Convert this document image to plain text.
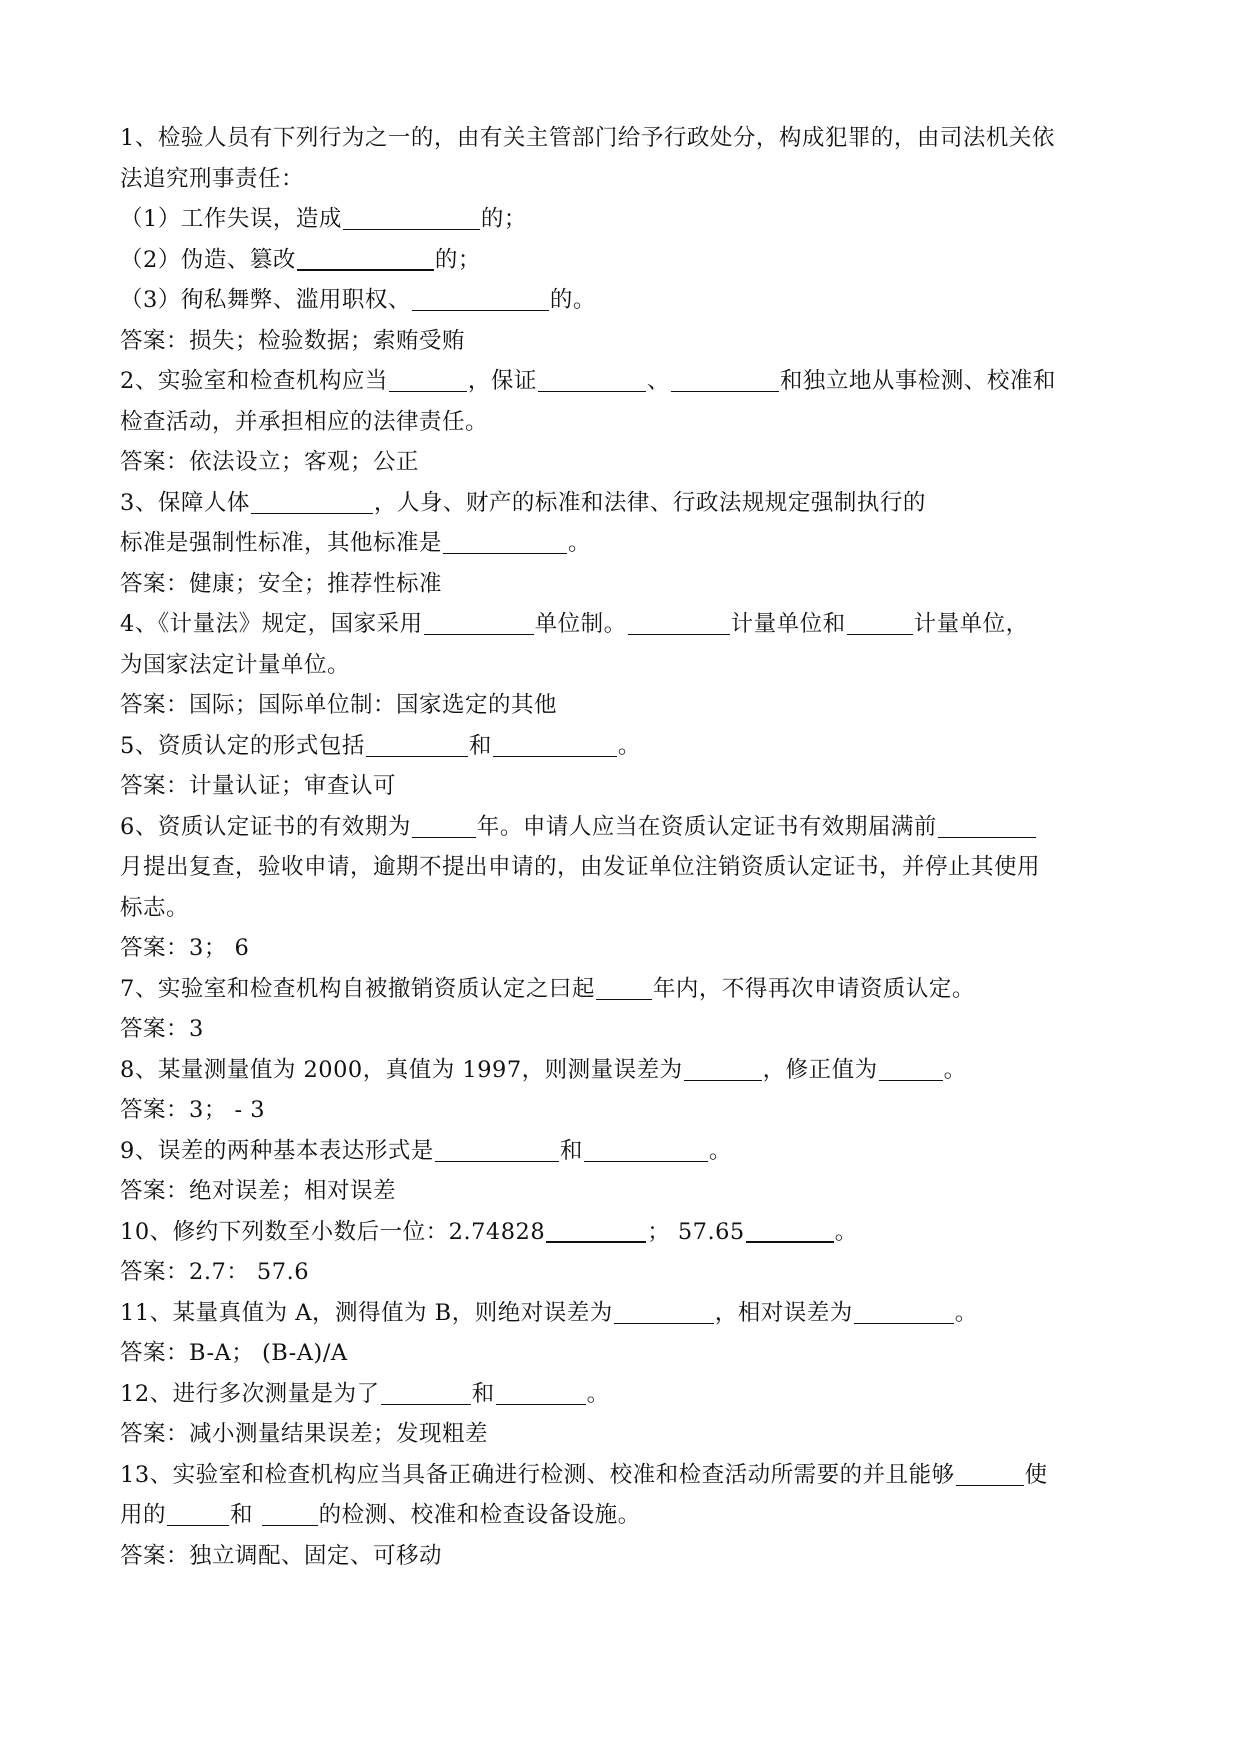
1、检验人员有下列行为之一的，由有关主管部门给予行政处分，构成犯罪的，由司法机关依
法追究刑事责任：
（1）工作失误，造成	的；
（2）伪造、篡改	的；
（3）徇私舞弊、滥用职权、	的。
答案：损失；检验数据；索贿受贿
2、实验室和检查机构应当	，保证	、	和独立地从事检测、校准和
检查活动，并承担相应的法律责任。
答案：依法设立；客观；公正
3、保障人体	，人身、财产的标准和法律、行政法规规定强制执行的
标准是强制性标准，其他标准是	。
答案：健康；安全；推荐性标准
4、《计量法》规定，国家采用	单位制。	计量单位和	计量单位，
为国家法定计量单位。
答案：国际；国际单位制：国家选定的其他
5、资质认定的形式包括	和	。
答案：计量认证；审查认可
6、资质认定证书的有效期为	年。申请人应当在资质认定证书有效期届满前
月提出复查，验收申请，逾期不提出申请的，由发证单位注销资质认定证书，并停止其使用
标志。
答案：3； 6
7、实验室和检查机构自被撤销资质认定之曰起	年内，不得再次申请资质认定。
答案：3
8、某量测量值为 2000，真值为 1997，则测量误差为	，修正值为	。
答案：3； - 3
9、误差的两种基本表达形式是	和	。
答案：绝对误差；相对误差
10、修约下列数至小数后一位：2.74828	； 57.65	。
答案：2.7： 57.6
11、某量真值为 A，测得值为 B，则绝对误差为	，相对误差为	。
答案：B-A； (B-A)/A
12、进行多次测量是为了	和	。
答案：减小测量结果误差；发现粗差
13、实验室和检查机构应当具备正确进行检测、校准和检查活动所需要的并且能够	使
用的	和	的检测、校准和检查设备设施。
答案：独立调配、固定、可移动
